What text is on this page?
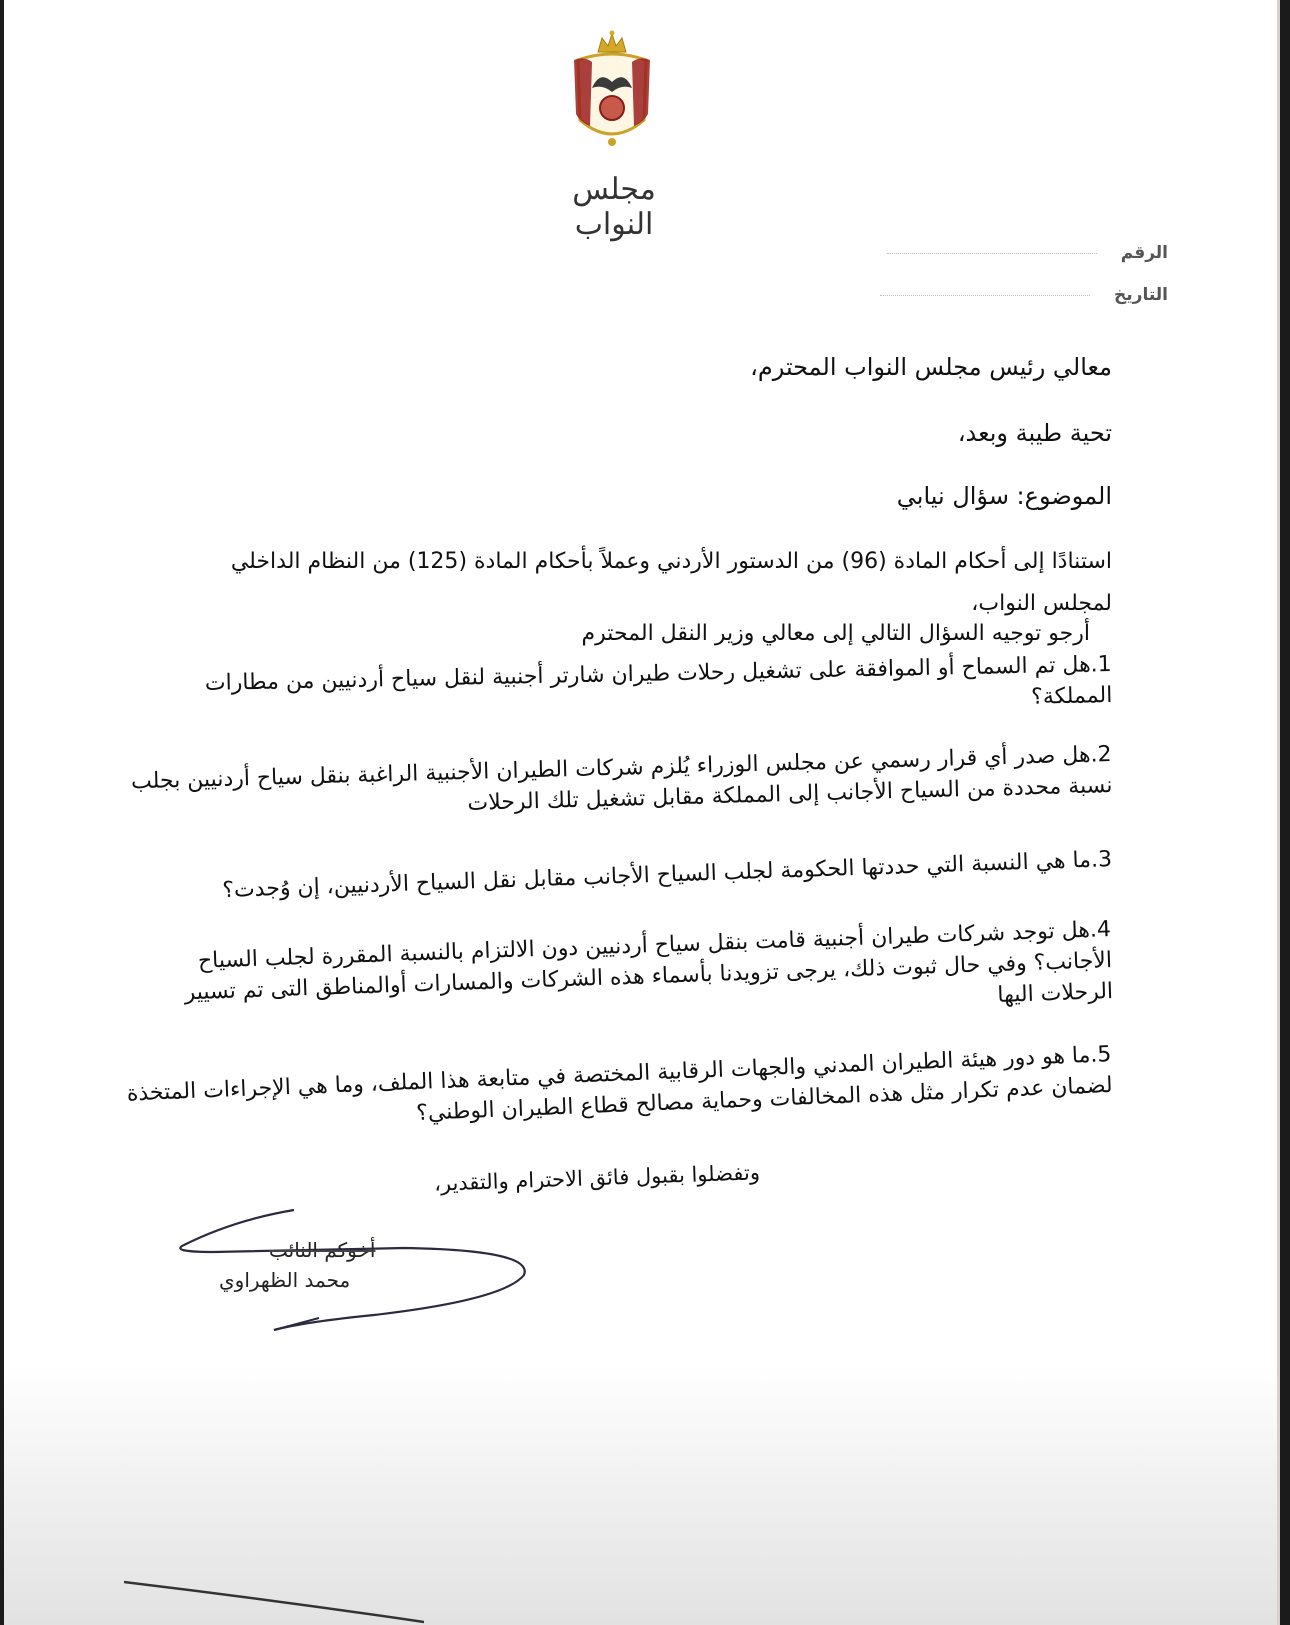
مجلس النواب
الرقم
التاريخ
معالي رئيس مجلس النواب المحترم،
تحية طيبة وبعد،
الموضوع: سؤال نيابي
استنادًا إلى أحكام المادة (96) من الدستور الأردني وعملاً بأحكام المادة (125) من النظام الداخلي
لمجلس النواب،
أرجو توجيه السؤال التالي إلى معالي وزير النقل المحترم
1.هل تم السماح أو الموافقة على تشغيل رحلات طيران شارتر أجنبية لنقل سياح أردنيين من مطارات المملكة؟
2.هل صدر أي قرار رسمي عن مجلس الوزراء يُلزم شركات الطيران الأجنبية الراغبة بنقل سياح أردنيين بجلب نسبة محددة من السياح الأجانب إلى المملكة مقابل تشغيل تلك الرحلات
3.ما هي النسبة التي حددتها الحكومة لجلب السياح الأجانب مقابل نقل السياح الأردنيين، إن وُجدت؟
4.هل توجد شركات طيران أجنبية قامت بنقل سياح أردنيين دون الالتزام بالنسبة المقررة لجلب السياح الأجانب؟ وفي حال ثبوت ذلك، يرجى تزويدنا بأسماء هذه الشركات والمسارات أوالمناطق التى تم تسيير الرحلات اليها
5.ما هو دور هيئة الطيران المدني والجهات الرقابية المختصة في متابعة هذا الملف، وما هي الإجراءات المتخذة لضمان عدم تكرار مثل هذه المخالفات وحماية مصالح قطاع الطيران الوطني؟
وتفضلوا بقبول فائق الاحترام والتقدير،
أخوكم النائب
محمد الظهراوي
